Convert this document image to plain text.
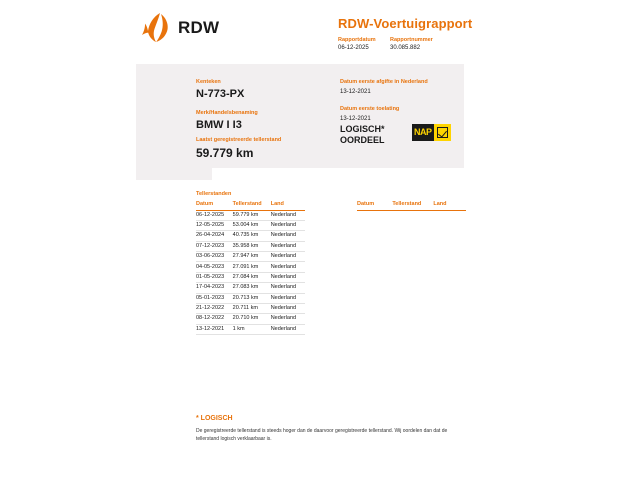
RDW	RDW-Voertuigrapport
Rapportdatum
06-12-2025
Rapportnummer
30.085.882
Kenteken
N-773-PX
Merk/Handelsbenaming
BMW I I3
Datum eerste afgifte in Nederland
13-12-2021
Datum eerste toelating
13-12-2021
Laatst geregistreerde tellerstand
59.779 km
LOGISCH*
OORDEEL
NAP
Tellerstanden
Datum	Tellerstand	Land
06-12-2025	59.779 km	Nederland
12-05-2025	53.004 km	Nederland
26-04-2024	40.735 km	Nederland
07-12-2023	35.958 km	Nederland
03-06-2023	27.947 km	Nederland
04-05-2023	27.091 km	Nederland
01-05-2023	27.084 km	Nederland
17-04-2023	27.083 km	Nederland
05-01-2023	20.713 km	Nederland
21-12-2022	20.711 km	Nederland
08-12-2022	20.710 km	Nederland
13-12-2021	1 km	Nederland
Datum	Tellerstand	Land
* LOGISCH
De geregistreerde tellerstand is steeds hoger dan de daarvoor geregistreerde tellerstand. Wij oordelen dan dat de tellerstand logisch verklaarbaar is.
